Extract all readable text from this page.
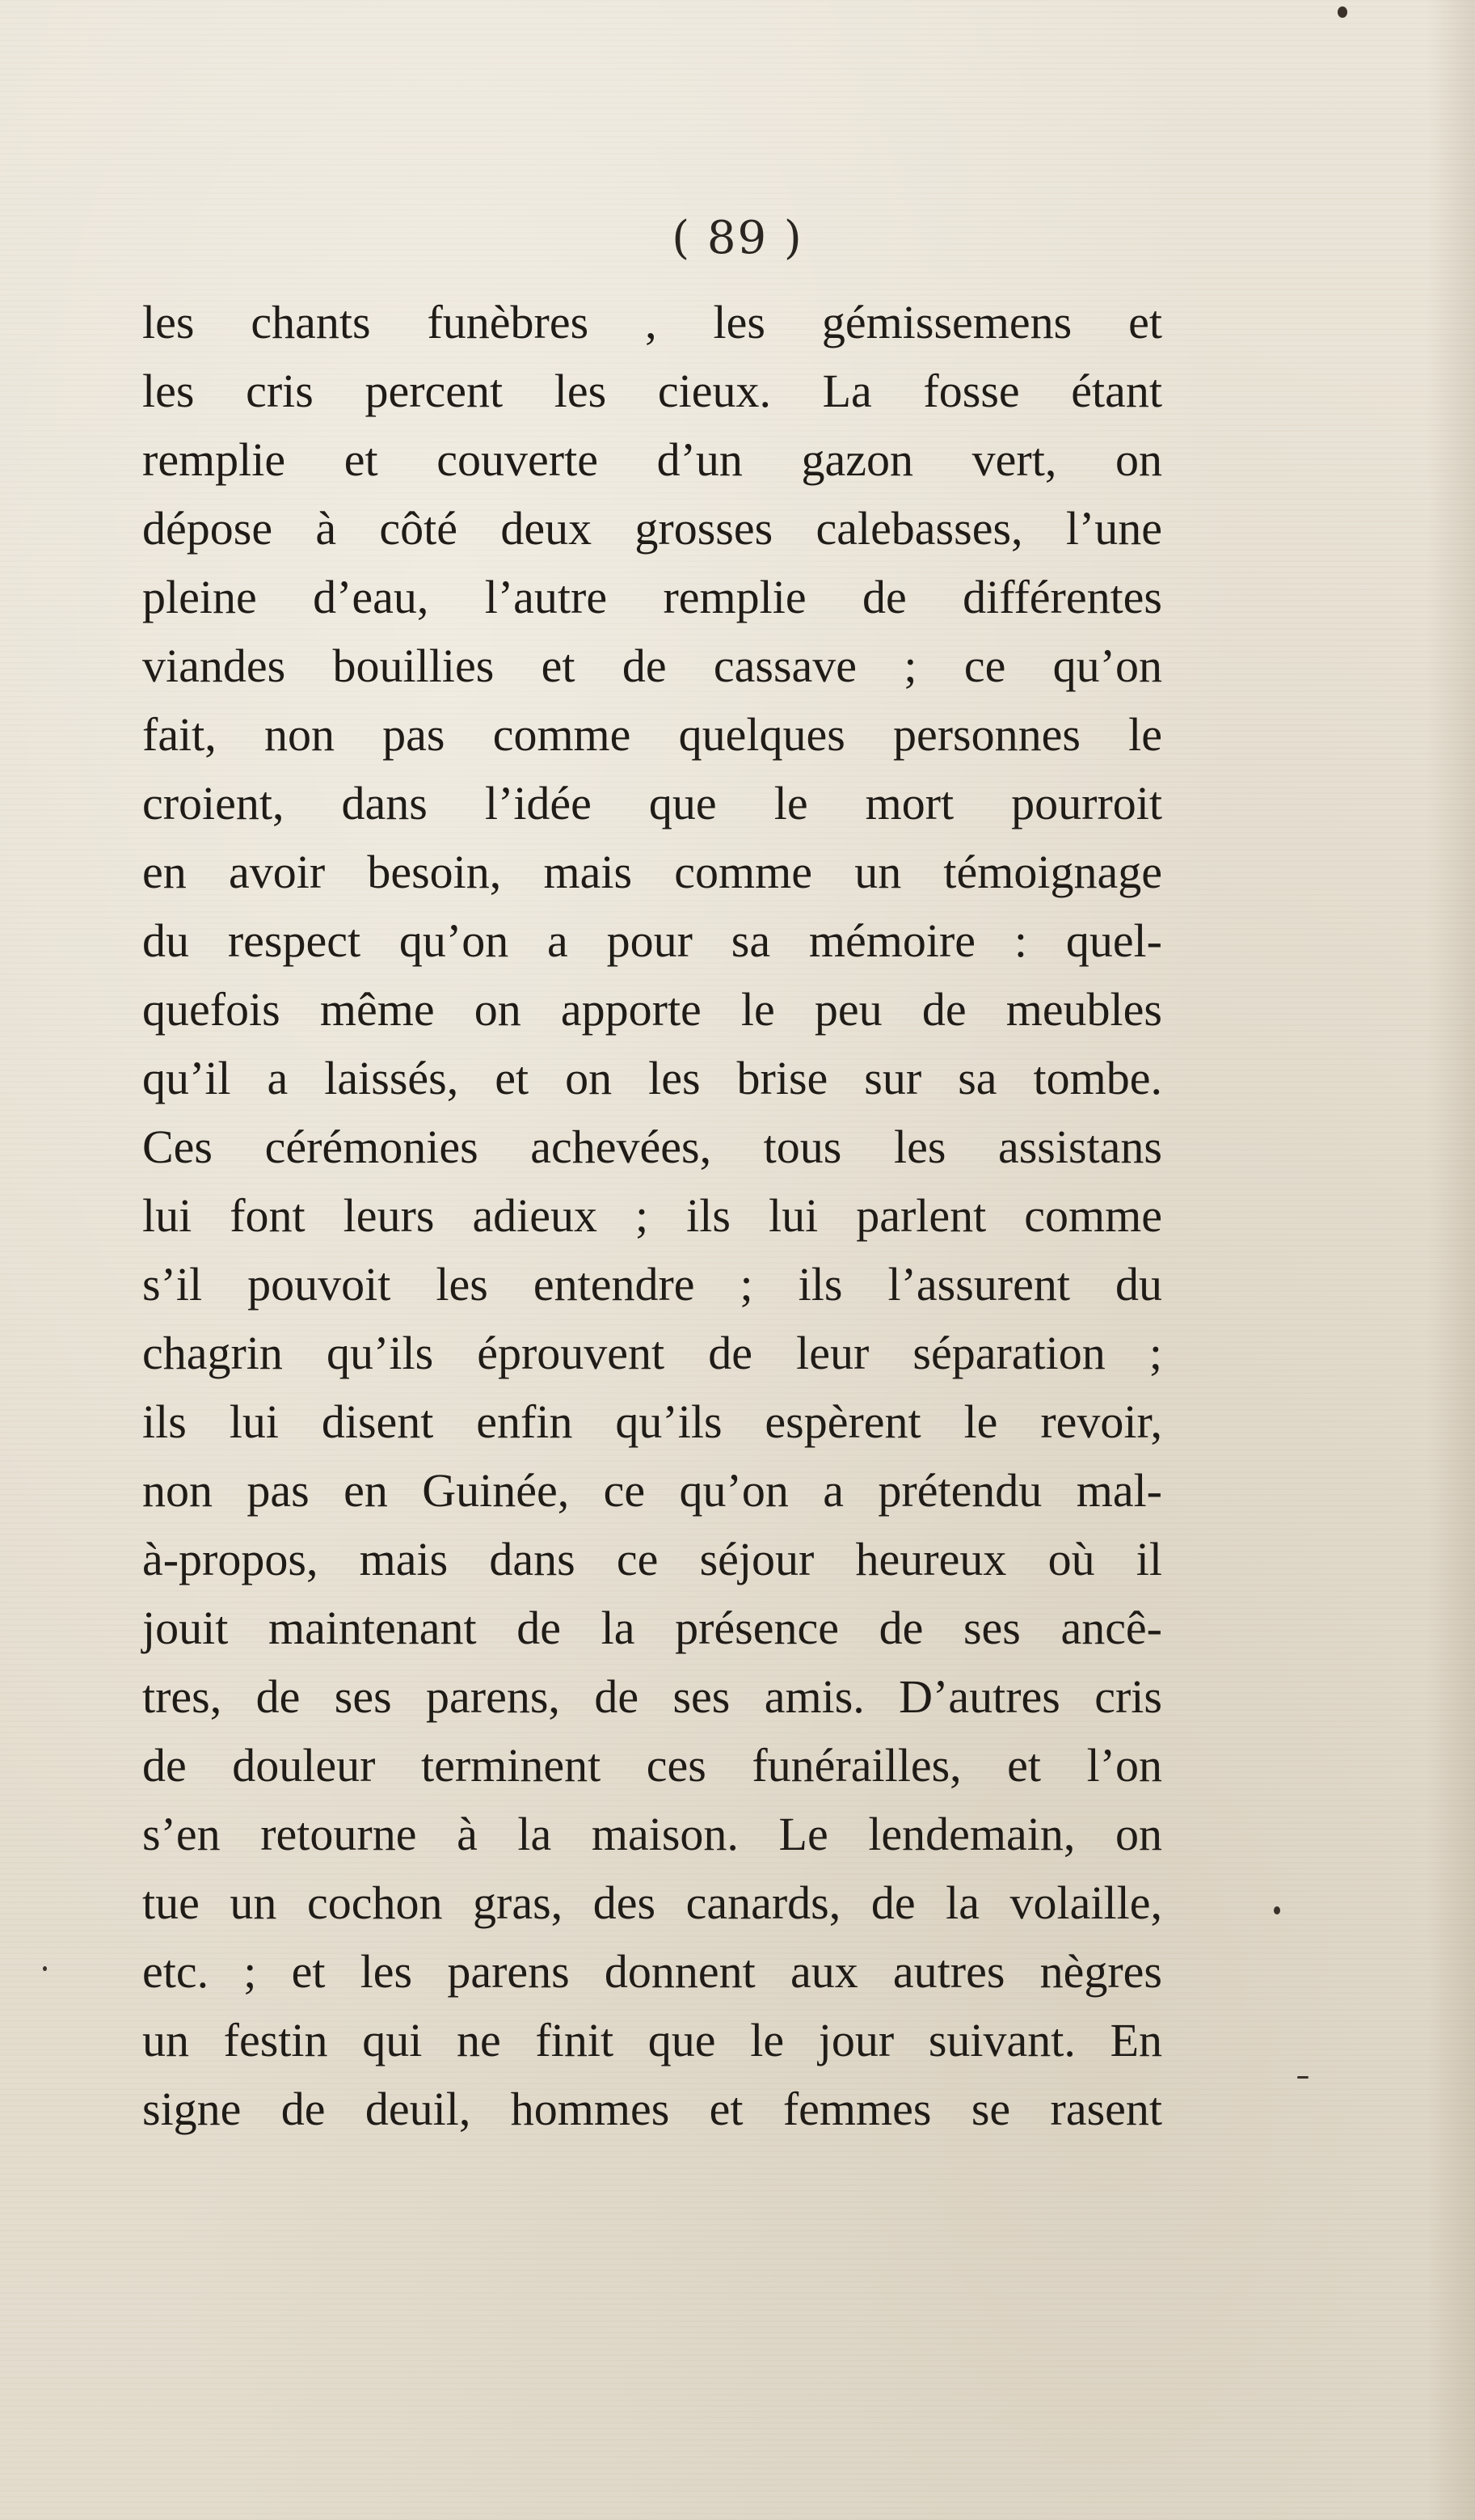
( 89 )
les chants funèbres , les gémissemens et
les cris percent les cieux. La fosse étant
remplie et couverte d’un gazon vert, on
dépose à côté deux grosses calebasses, l’une
pleine d’eau, l’autre remplie de différentes
viandes bouillies et de cassave ; ce qu’on
fait, non pas comme quelques personnes le
croient, dans l’idée que le mort pourroit
en avoir besoin, mais comme un témoignage
du respect qu’on a pour sa mémoire : quel-
quefois même on apporte le peu de meubles
qu’il a laissés, et on les brise sur sa tombe.
Ces cérémonies achevées, tous les assistans
lui font leurs adieux ; ils lui parlent comme
s’il pouvoit les entendre ; ils l’assurent du
chagrin qu’ils éprouvent de leur séparation ;
ils lui disent enfin qu’ils espèrent le revoir,
non pas en Guinée, ce qu’on a prétendu mal-
à-propos, mais dans ce séjour heureux où il
jouit maintenant de la présence de ses ancê-
tres, de ses parens, de ses amis. D’autres cris
de douleur terminent ces funérailles, et l’on
s’en retourne à la maison. Le lendemain, on
tue un cochon gras, des canards, de la volaille,
etc. ; et les parens donnent aux autres nègres
un festin qui ne finit que le jour suivant. En
signe de deuil, hommes et femmes se rasent
